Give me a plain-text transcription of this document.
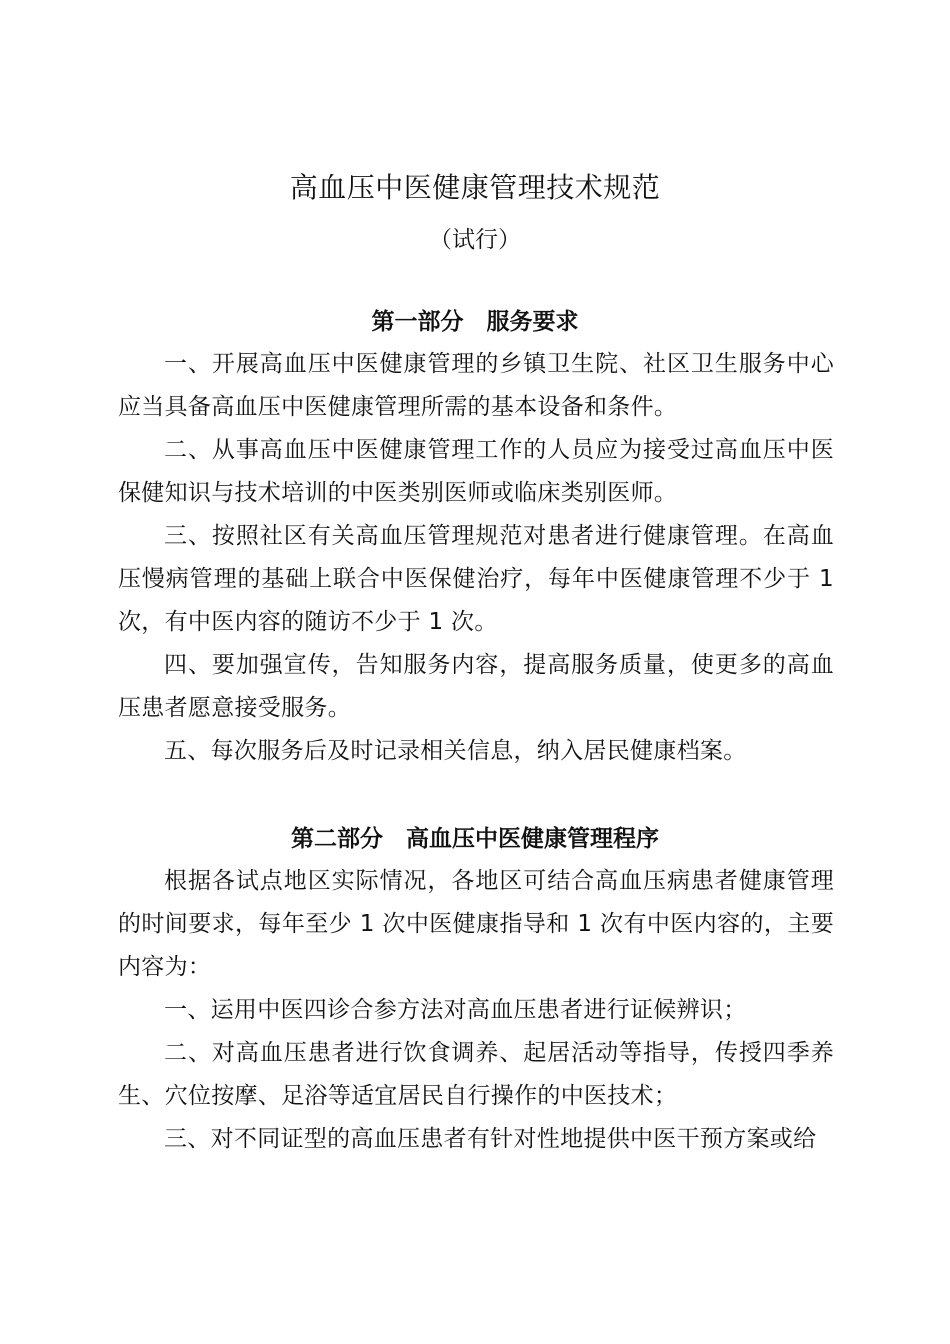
高血压中医健康管理技术规范
（试行）
第一部分　服务要求
一、开展高血压中医健康管理的乡镇卫生院、社区卫生服务中心应当具备高血压中医健康管理所需的基本设备和条件。
二、从事高血压中医健康管理工作的人员应为接受过高血压中医保健知识与技术培训的中医类别医师或临床类别医师。
三、按照社区有关高血压管理规范对患者进行健康管理。在高血压慢病管理的基础上联合中医保健治疗，每年中医健康管理不少于 1 次，有中医内容的随访不少于 1 次。
四、要加强宣传，告知服务内容，提高服务质量，使更多的高血压患者愿意接受服务。
五、每次服务后及时记录相关信息，纳入居民健康档案。
第二部分　高血压中医健康管理程序
根据各试点地区实际情况，各地区可结合高血压病患者健康管理的时间要求，每年至少 1 次中医健康指导和 1 次有中医内容的，主要内容为：
一、运用中医四诊合参方法对高血压患者进行证候辨识；
二、对高血压患者进行饮食调养、起居活动等指导，传授四季养生、穴位按摩、足浴等适宜居民自行操作的中医技术；
三、对不同证型的高血压患者有针对性地提供中医干预方案或给
